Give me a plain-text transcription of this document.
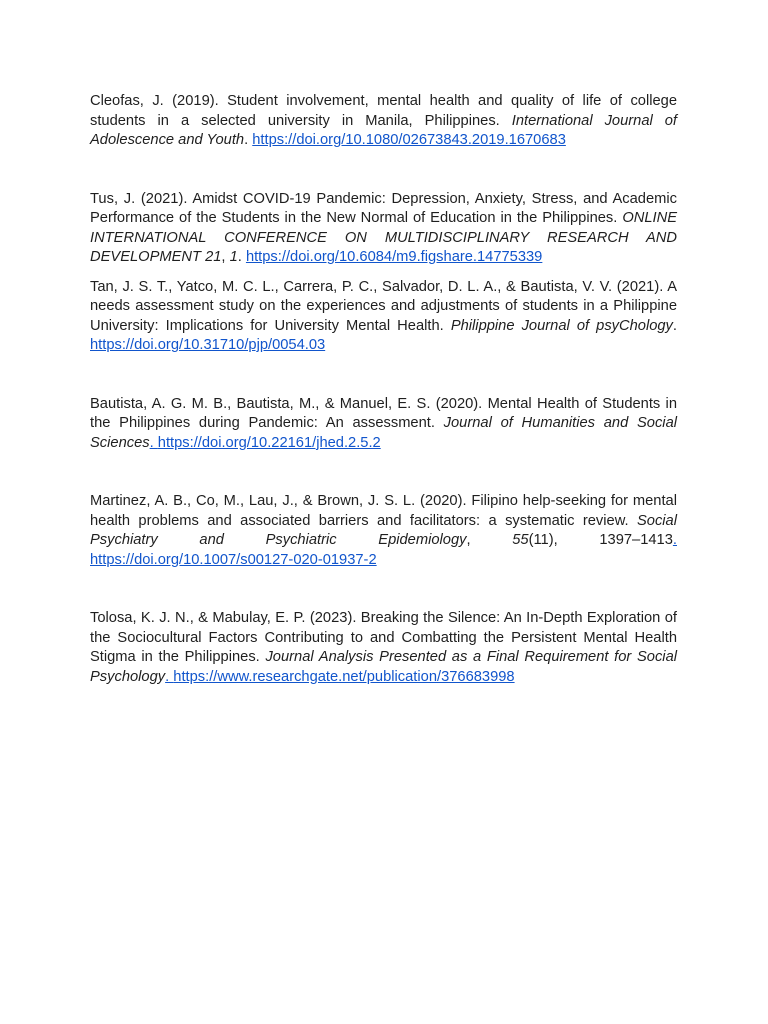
Cleofas, J. (2019). Student involvement, mental health and quality of life of college students in a selected university in Manila, Philippines. International Journal of Adolescence and Youth. https://doi.org/10.1080/02673843.2019.1670683

Tus, J. (2021). Amidst COVID-19 Pandemic: Depression, Anxiety, Stress, and Academic Performance of the Students in the New Normal of Education in the Philippines. ONLINE INTERNATIONAL CONFERENCE ON MULTIDISCIPLINARY RESEARCH AND DEVELOPMENT 21, 1. https://doi.org/10.6084/m9.figshare.14775339

Tan, J. S. T., Yatco, M. C. L., Carrera, P. C., Salvador, D. L. A., & Bautista, V. V. (2021). A needs assessment study on the experiences and adjustments of students in a Philippine University: Implications for University Mental Health. Philippine Journal of psyChology. https://doi.org/10.31710/pjp/0054.03

Bautista, A. G. M. B., Bautista, M., & Manuel, E. S. (2020). Mental Health of Students in the Philippines during Pandemic: An assessment. Journal of Humanities and Social Sciences. https://doi.org/10.22161/jhed.2.5.2

Martinez, A. B., Co, M., Lau, J., & Brown, J. S. L. (2020). Filipino help-seeking for mental health problems and associated barriers and facilitators: a systematic review. Social Psychiatry and Psychiatric Epidemiology, 55(11), 1397–1413. https://doi.org/10.1007/s00127-020-01937-2

Tolosa, K. J. N., & Mabulay, E. P. (2023). Breaking the Silence: An In-Depth Exploration of the Sociocultural Factors Contributing to and Combatting the Persistent Mental Health Stigma in the Philippines. Journal Analysis Presented as a Final Requirement for Social Psychology. https://www.researchgate.net/publication/376683998
